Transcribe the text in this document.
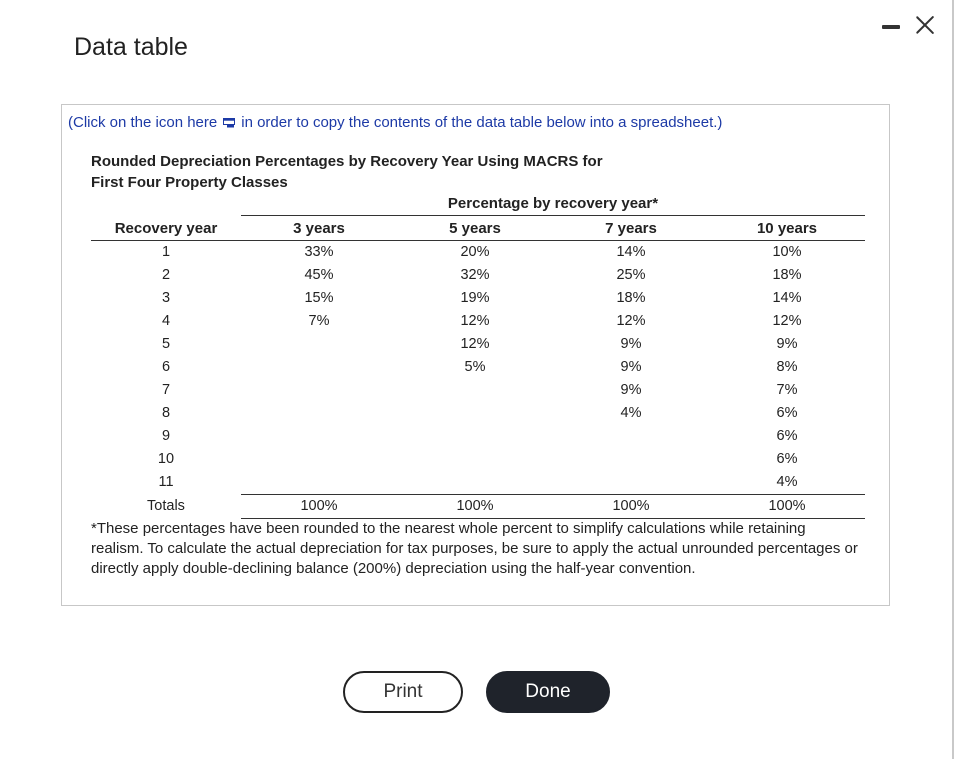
Data table
(Click on the icon here in order to copy the contents of the data table below into a spreadsheet.)
Rounded Depreciation Percentages by Recovery Year Using MACRS for
First Four Property Classes
Percentage by recovery year*
Recovery year	3 years	5 years	7 years	10 years
1	33%	20%	14%	10%
2	45%	32%	25%	18%
3	15%	19%	18%	14%
4	7%	12%	12%	12%
5		12%	9%	9%
6		5%	9%	8%
7			9%	7%
8			4%	6%
9				6%
10				6%
11				4%
Totals	100%	100%	100%	100%
*These percentages have been rounded to the nearest whole percent to simplify calculations while retaining realism. To calculate the actual depreciation for tax purposes, be sure to apply the actual unrounded percentages or directly apply double-declining balance (200%) depreciation using the half-year convention.
Print	Done
